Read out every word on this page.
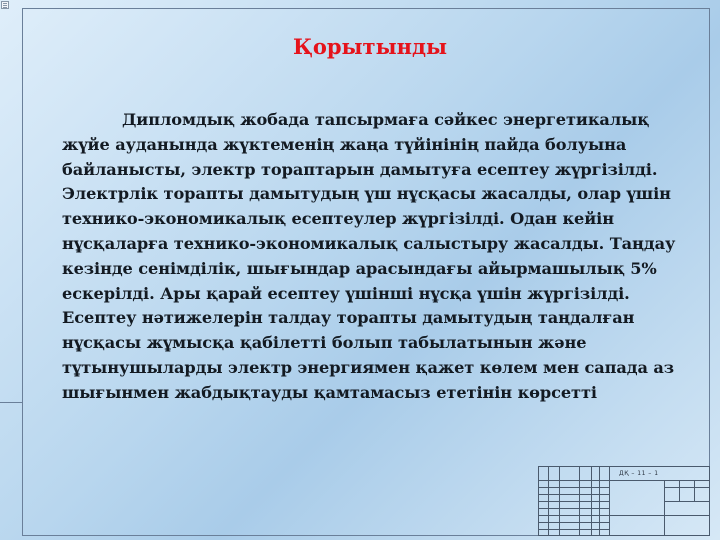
Қорытынды
Дипломдық жобада тапсырмаға сәйкес энергетикалық
жүйе ауданында жүктеменің жаңа түйінінің пайда болуына
байланысты, электр тораптарын дамытуға есептеу жүргізілді.
Электрлік торапты дамытудың үш нұсқасы жасалды, олар үшін
технико-экономикалық есептеулер жүргізілді. Одан кейін
нұсқаларға технико-экономикалық салыстыру жасалды. Таңдау
кезінде сенімділік, шығындар арасындағы айырмашылық 5%
ескерілді. Ары қарай есептеу үшінші нұсқа үшін жүргізілді.
Есептеу нәтижелерін талдау торапты дамытудың таңдалған
нұсқасы жұмысқа қабілетті болып табылатынын және
тұтынушыларды электр энергиямен қажет көлем мен сапада аз
шығынмен жабдықтауды қамтамасыз ететінін көрсетті
ДҚ – 11 – 1
